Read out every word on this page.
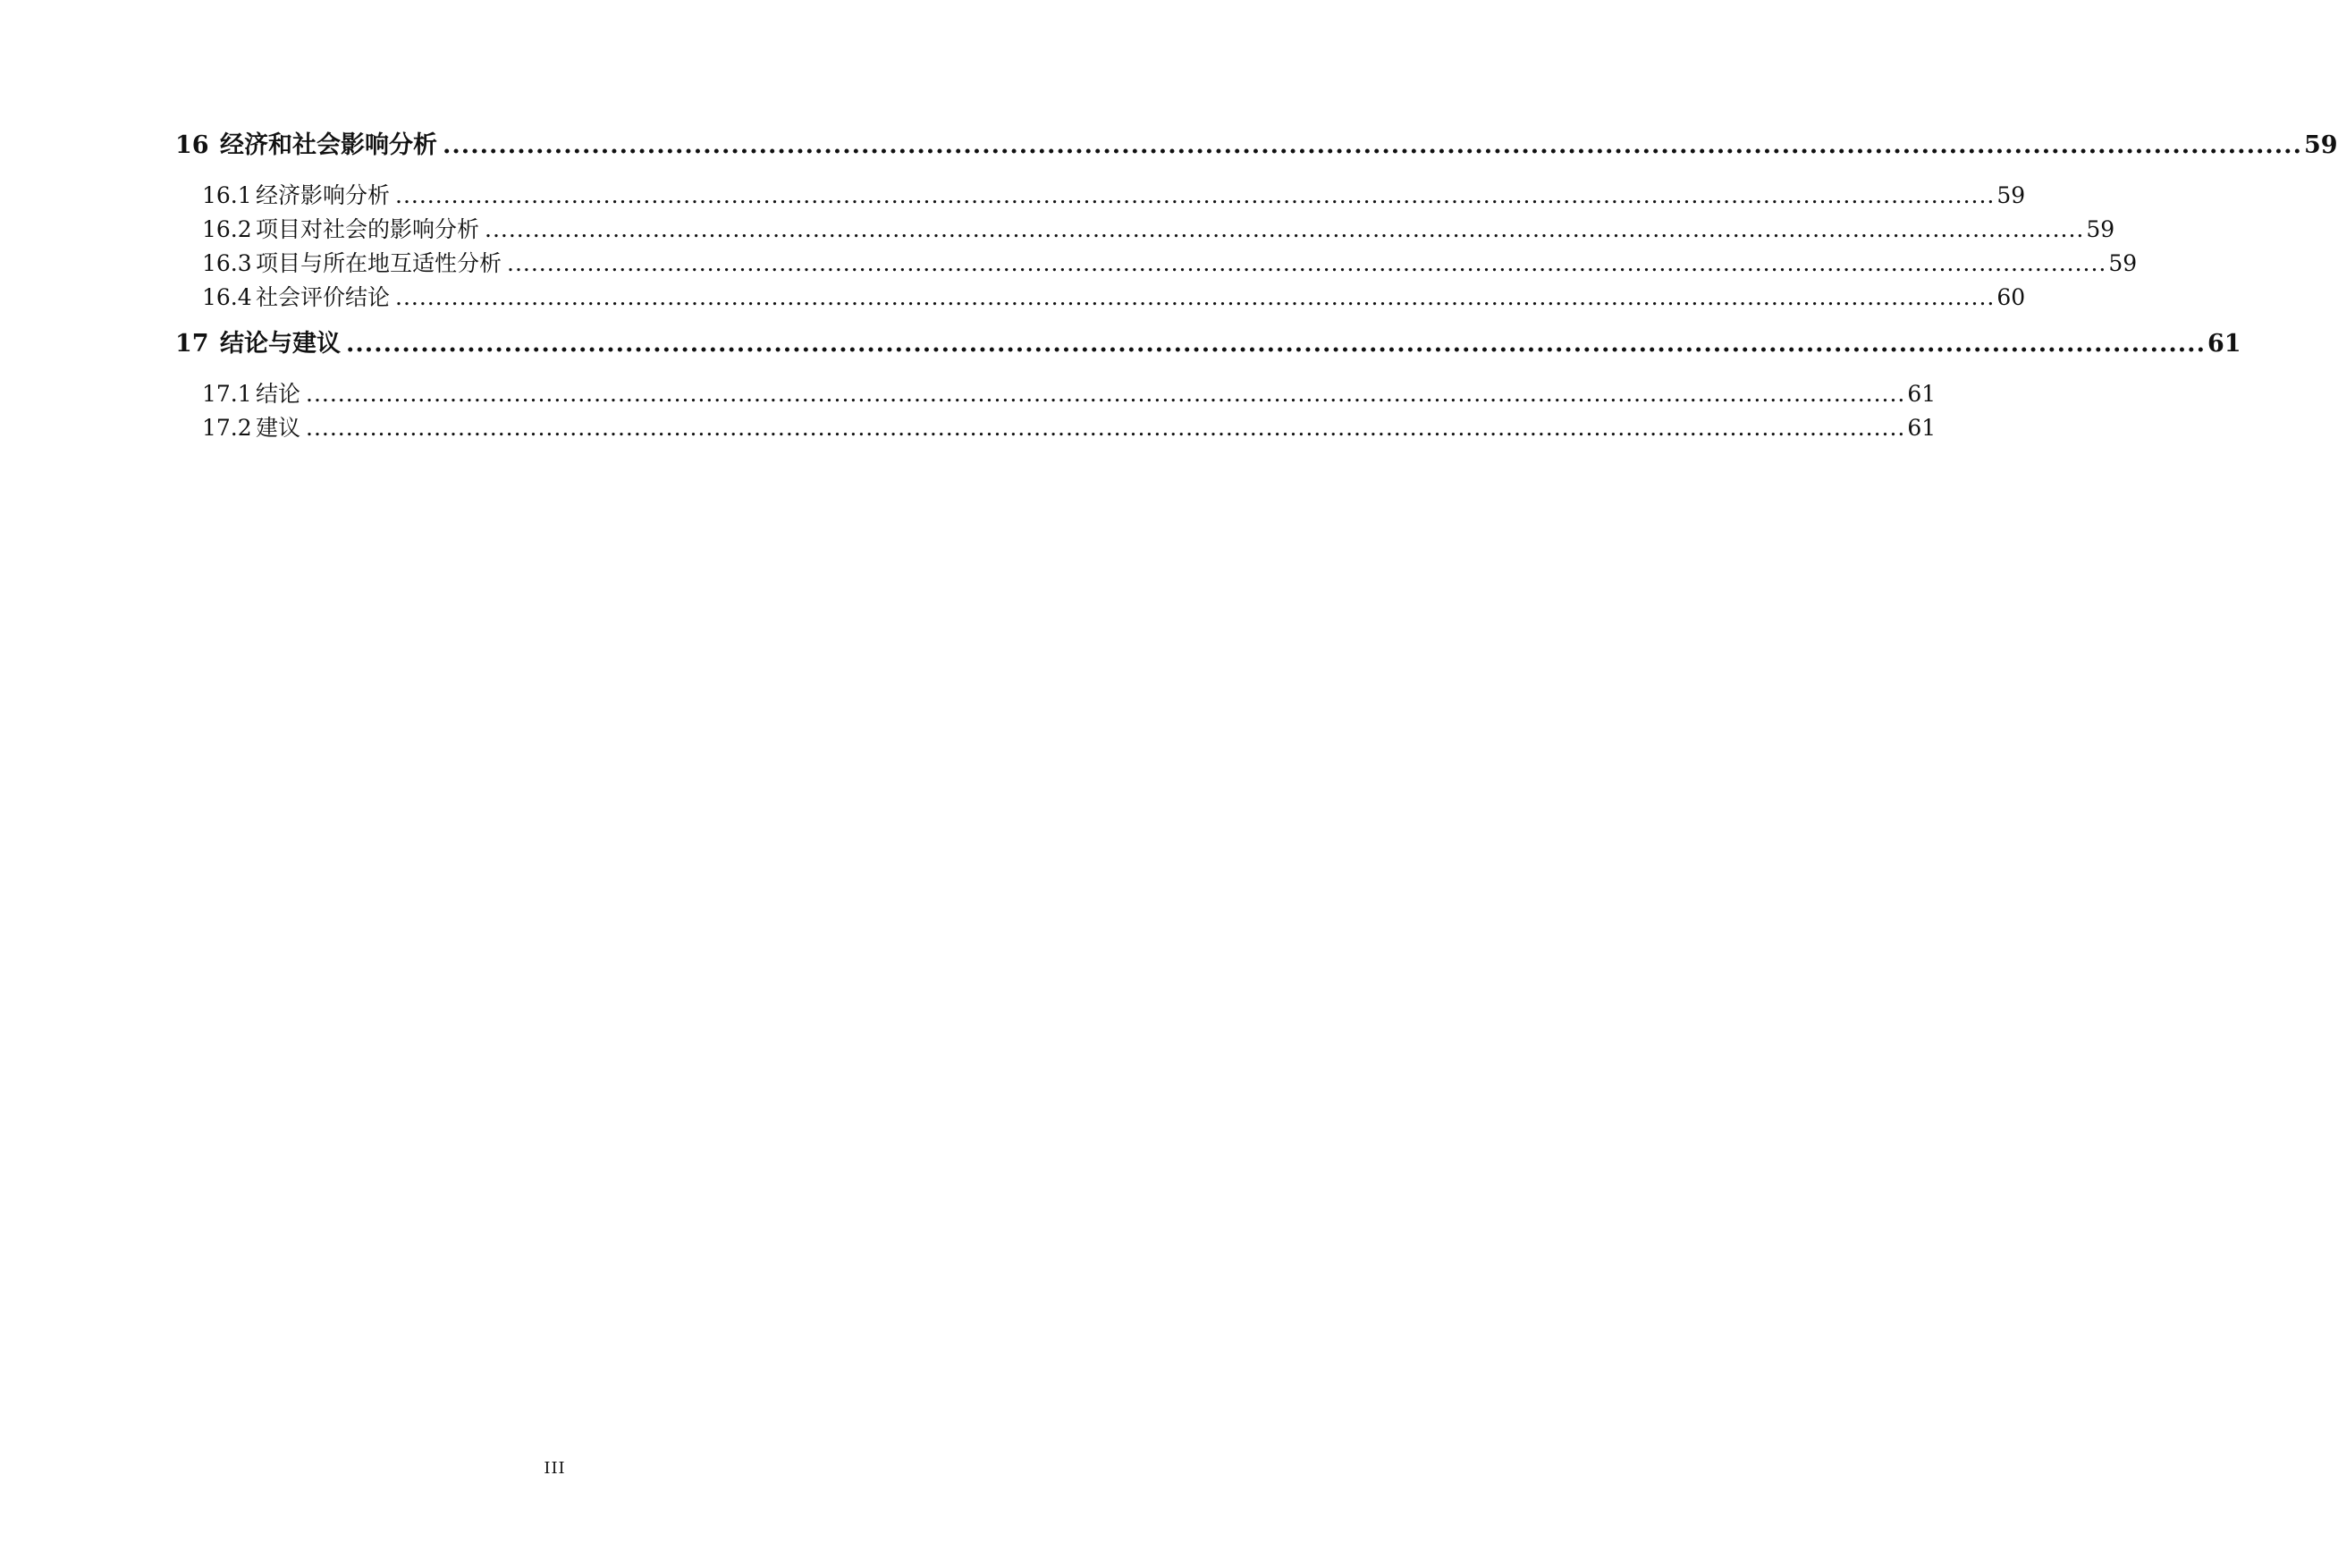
16 经济和社会影响分析 ........................................................................................................................................................................................................ 59
16.1 经济影响分析 ........................................................................................................................................................................................................ 59
16.2 项目对社会的影响分析 ........................................................................................................................................................................................................ 59
16.3 项目与所在地互适性分析 ........................................................................................................................................................................................................ 59
16.4 社会评价结论 ........................................................................................................................................................................................................ 60
17 结论与建议 ........................................................................................................................................................................................................ 61
17.1 结论 ........................................................................................................................................................................................................ 61
17.2 建议 ........................................................................................................................................................................................................ 61
III
